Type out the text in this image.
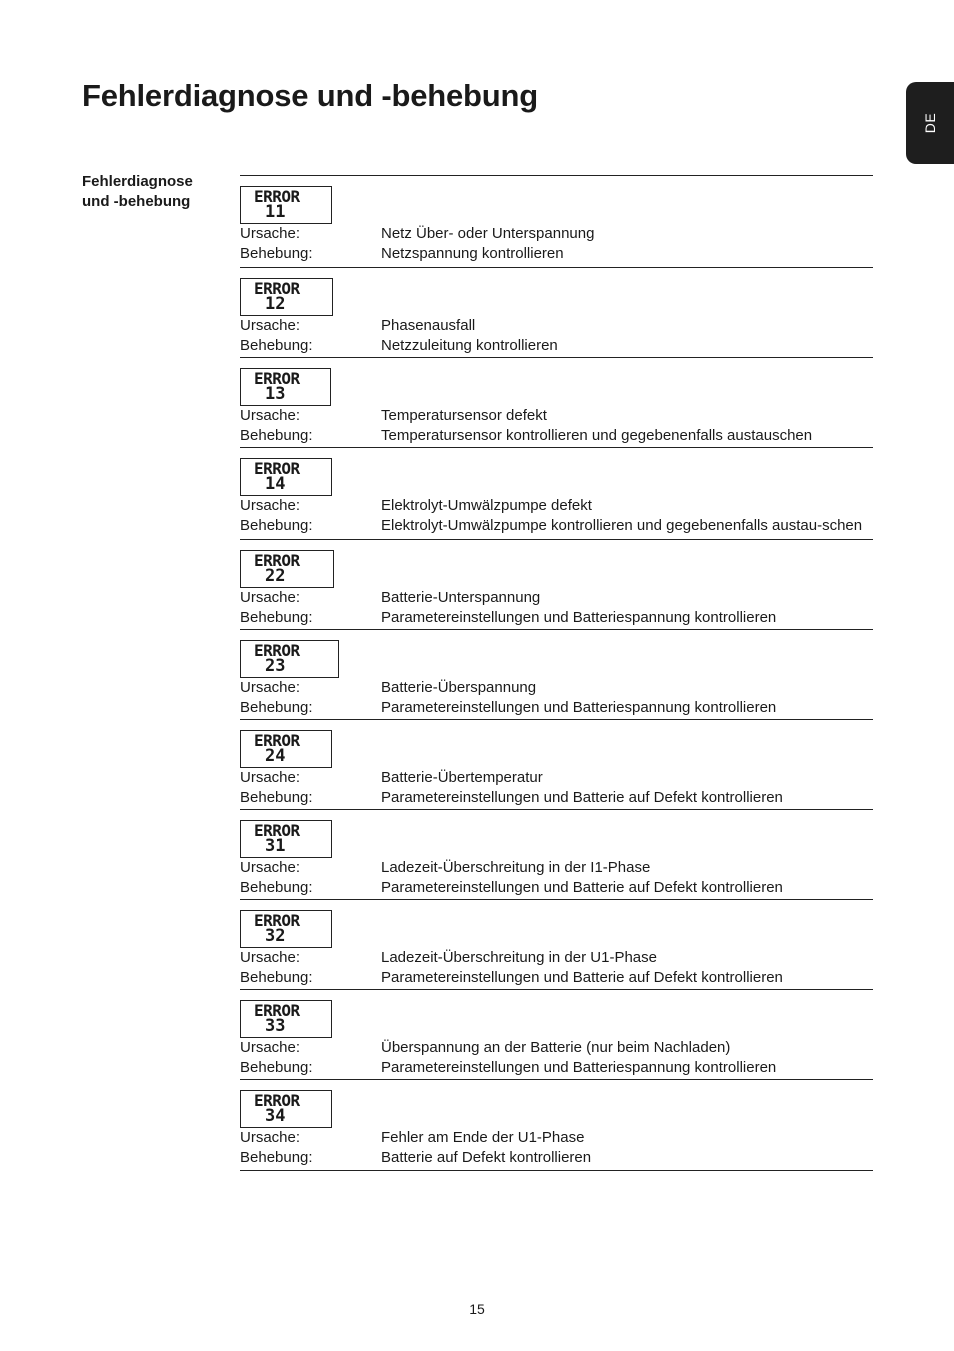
Fehlerdiagnose und -behebung
DE
Fehlerdiagnose
und -behebung	ERROR
11
Ursache:	Netz Über- oder Unterspannung
Behebung:	Netzspannung kontrollieren
ERROR
12
Ursache:	Phasenausfall
Behebung:	Netzzuleitung kontrollieren
ERROR
13
Ursache:	Temperatursensor defekt
Behebung:	Temperatursensor kontrollieren und gegebenenfalls austauschen
ERROR
14
Ursache:	Elektrolyt-Umwälzpumpe defekt
Behebung:	Elektrolyt-Umwälzpumpe kontrollieren und gegebenenfalls austau-schen
ERROR
22
Ursache:	Batterie-Unterspannung
Behebung:	Parametereinstellungen und Batteriespannung kontrollieren
ERROR
23
Ursache:	Batterie-Überspannung
Behebung:	Parametereinstellungen und Batteriespannung kontrollieren
ERROR
24
Ursache:	Batterie-Übertemperatur
Behebung:	Parametereinstellungen und Batterie auf Defekt kontrollieren
ERROR
31
Ursache:	Ladezeit-Überschreitung in der I1-Phase
Behebung:	Parametereinstellungen und Batterie auf Defekt kontrollieren
ERROR
32
Ursache:	Ladezeit-Überschreitung in der U1-Phase
Behebung:	Parametereinstellungen und Batterie auf Defekt kontrollieren
ERROR
33
Ursache:	Überspannung an der Batterie (nur beim Nachladen)
Behebung:	Parametereinstellungen und Batteriespannung kontrollieren
ERROR
34
Ursache:	Fehler am Ende der U1-Phase
Behebung:	Batterie auf Defekt kontrollieren
15
